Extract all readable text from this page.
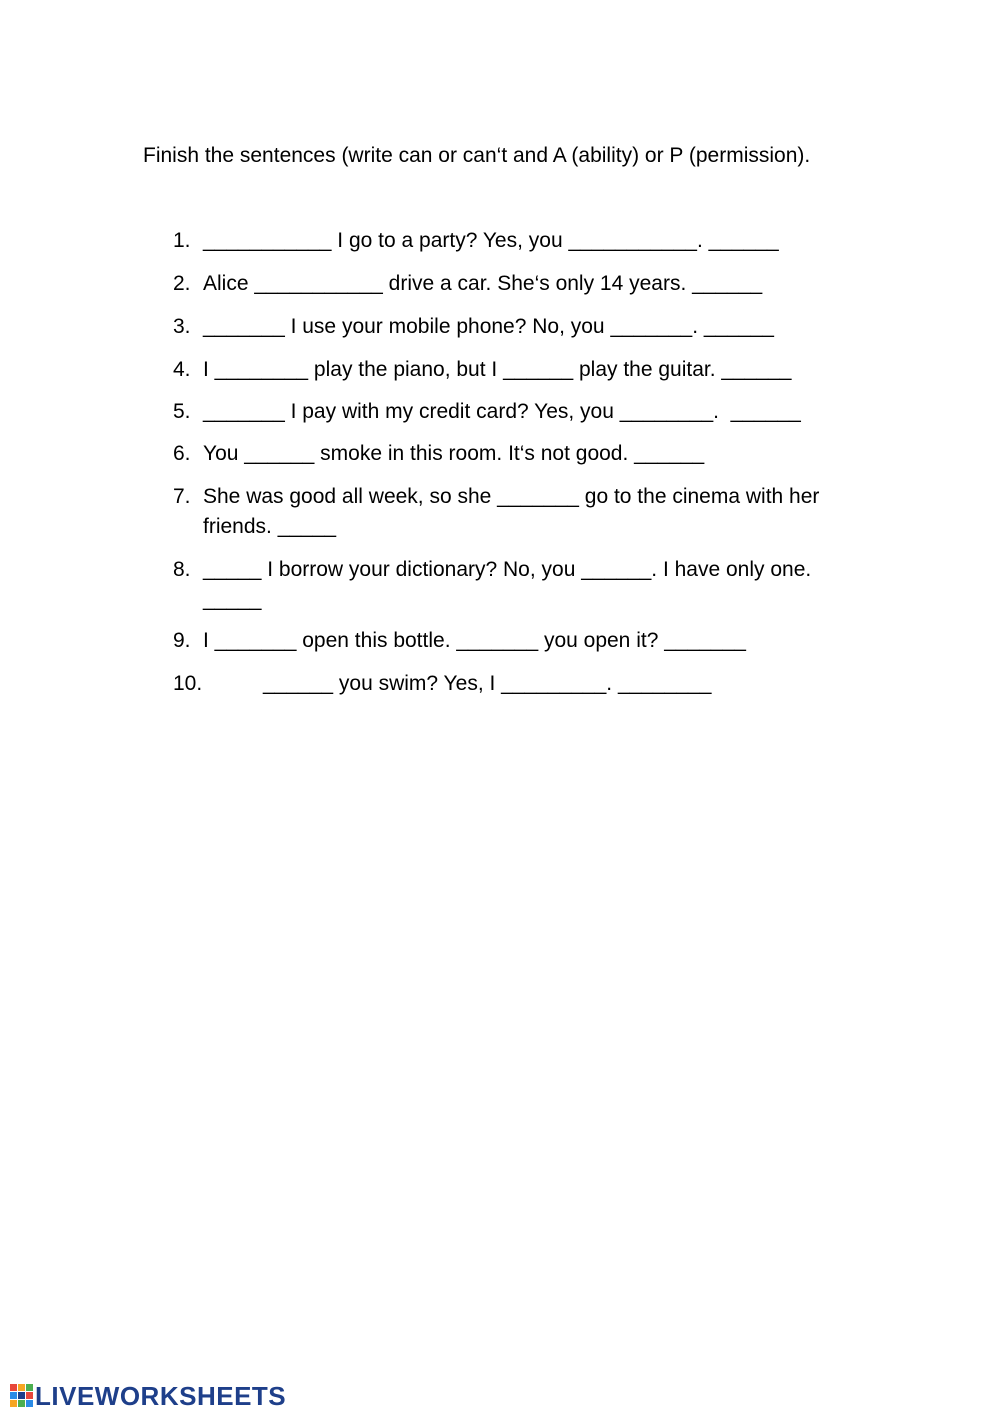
Finish the sentences (write can or can‘t and A (ability) or P (permission).

1. ___________ I go to a party? Yes, you ___________. ______
2. Alice ___________ drive a car. She‘s only 14 years. ______
3. _______ I use your mobile phone? No, you _______. ______
4. I ________ play the piano, but I ______ play the guitar. ______
5. _______ I pay with my credit card? Yes, you ________.  ______
6. You ______ smoke in this room. It‘s not good. ______
7. She was good all week, so she _______ go to the cinema with her
friends. _____
8. _____ I borrow your dictionary? No, you ______. I have only one.
_____
9. I _______ open this bottle. _______ you open it? _______
10.	______ you swim? Yes, I _________. ________
LIVEWORKSHEETS
